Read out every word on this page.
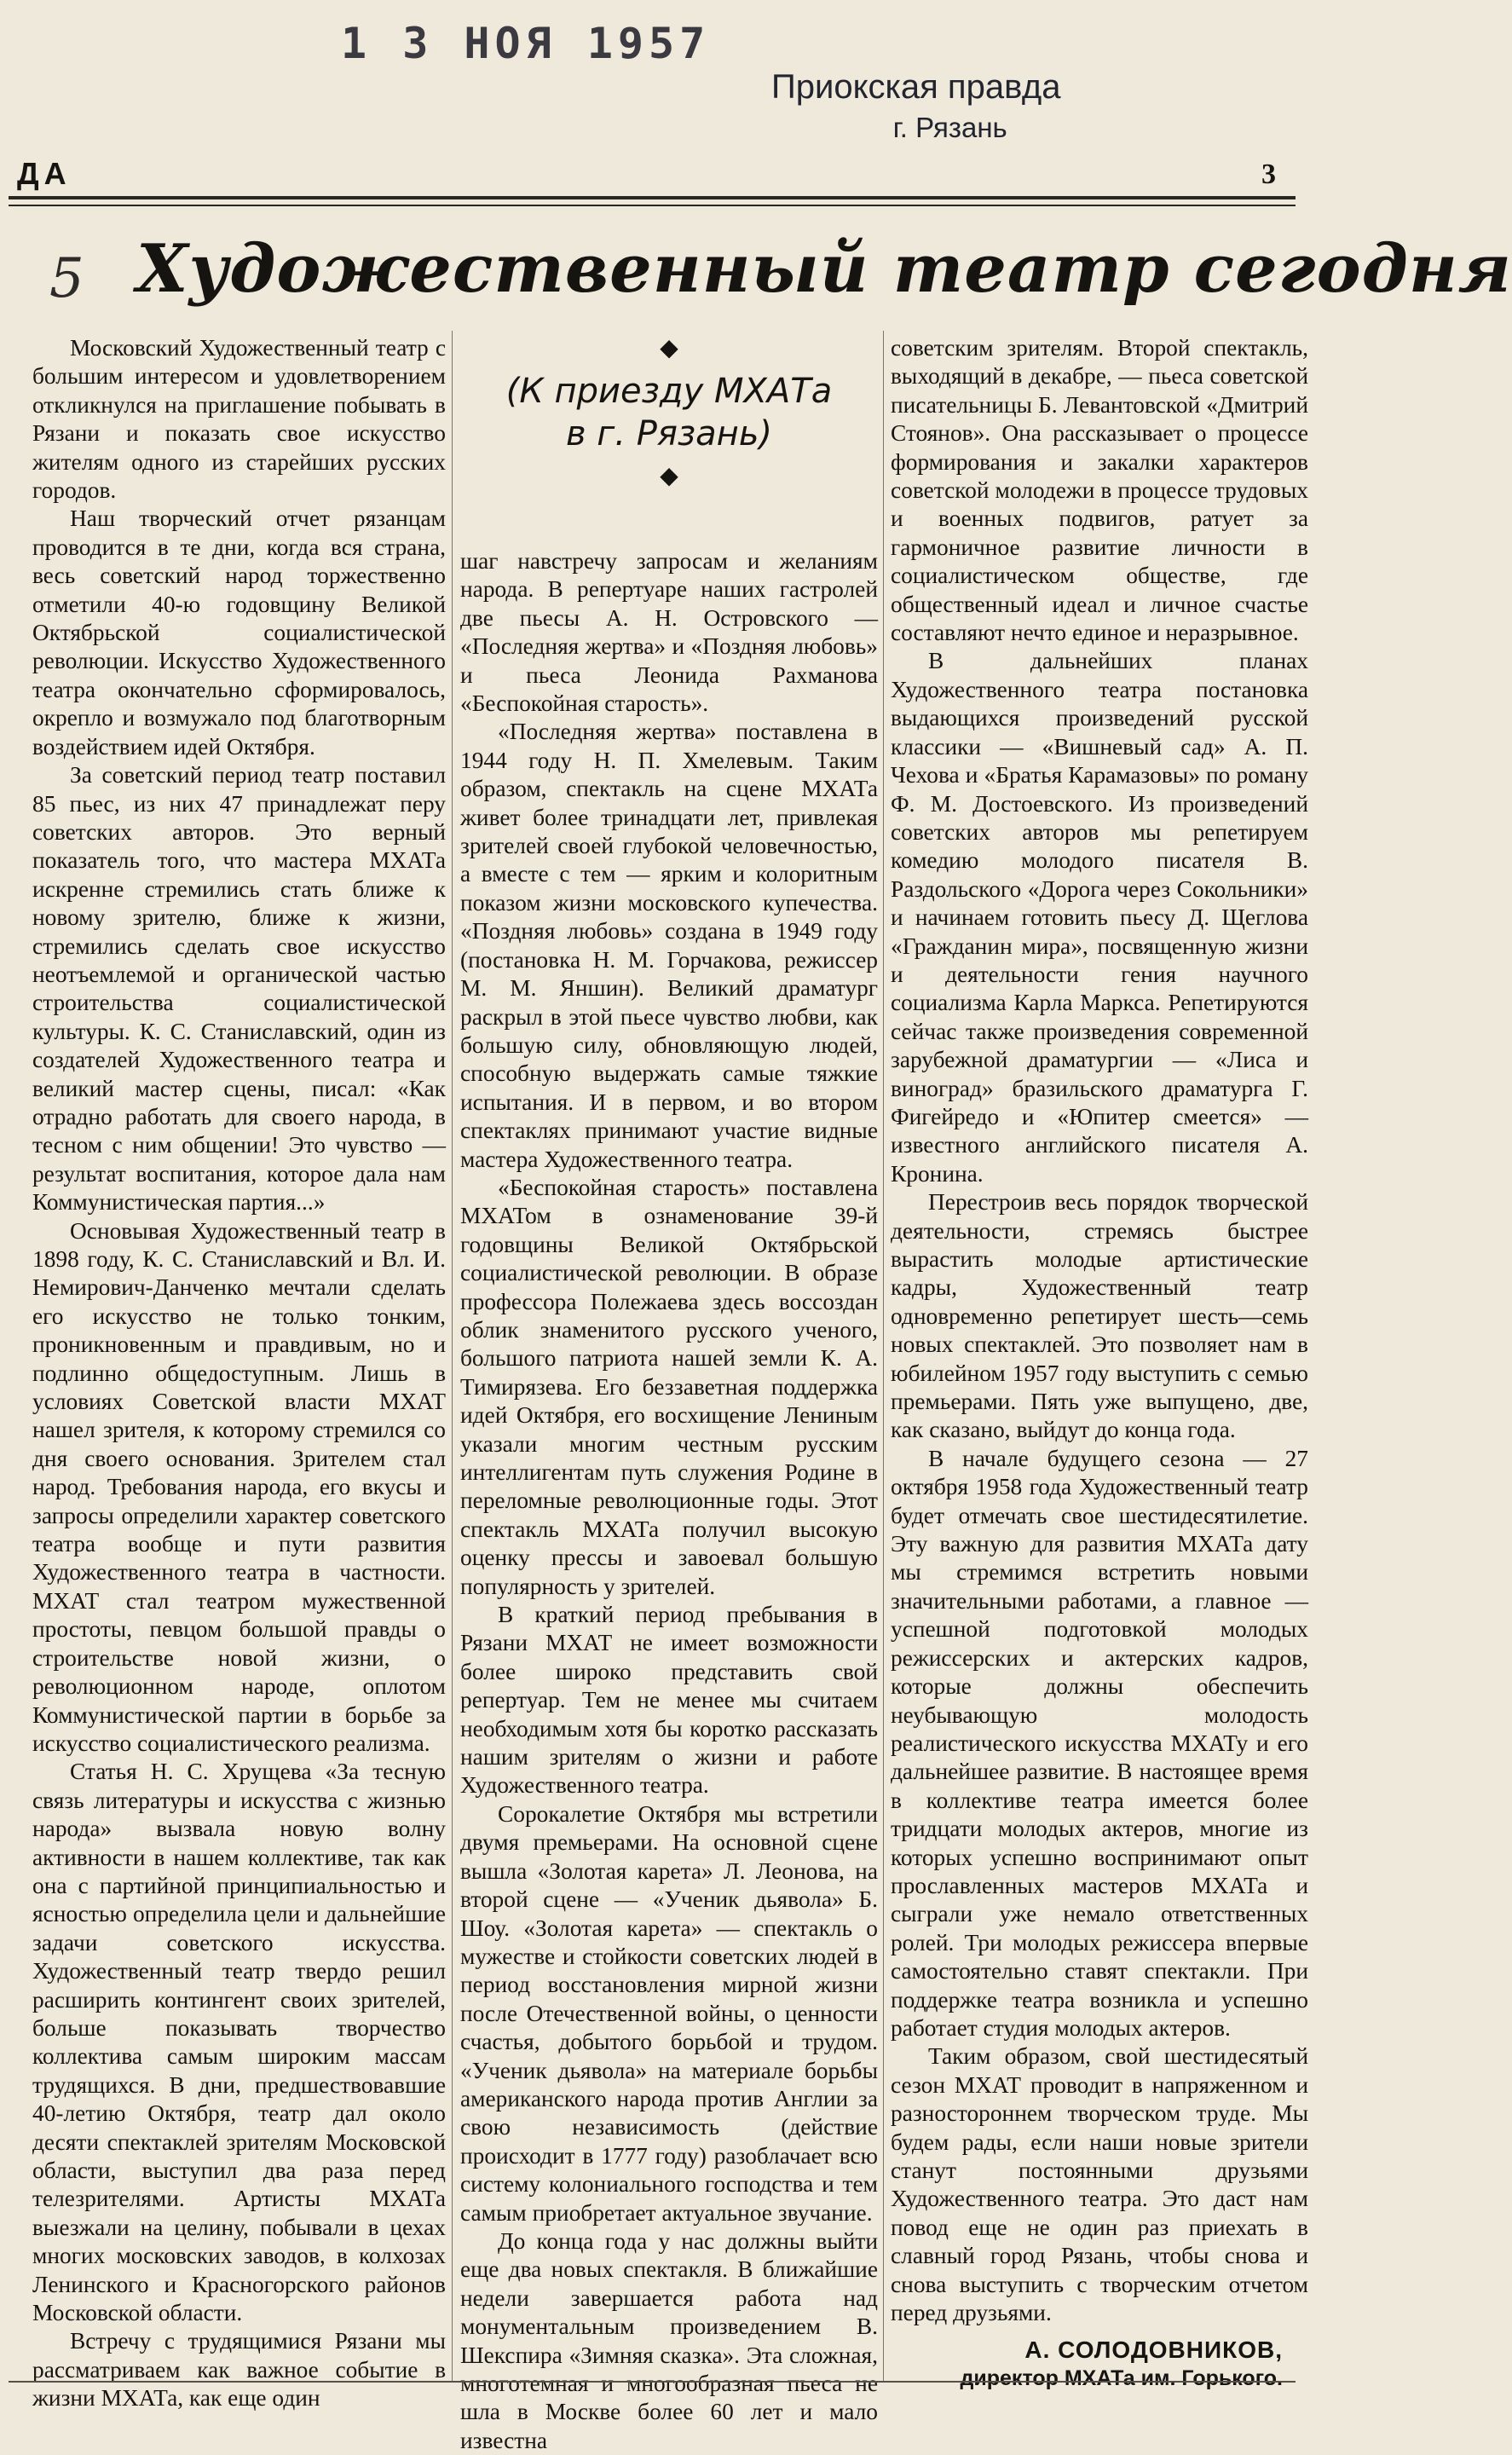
1 3 НОЯ 1957
Приокская правда
г. Рязань
ДА	3
5 Художественный театр сегодня

Московский Художественный театр с большим интересом и удовлетворением откликнулся на приглашение побывать в Рязани и показать свое искусство жителям одного из старейших русских городов.

Наш творческий отчет рязанцам проводится в те дни, когда вся страна, весь советский народ торжественно отметили 40-ю годовщину Великой Октябрьской социалистической революции. Искусство Художественного театра окончательно сформировалось, окрепло и возмужало под благотворным воздействием идей Октября.

За советский период театр поставил 85 пьес, из них 47 принадлежат перу советских авторов. Это верный показатель того, что мастера МХАТа искренне стремились стать ближе к новому зрителю, ближе к жизни, стремились сделать свое искусство неотъемлемой и органической частью строительства социалистической культуры. К. С. Станиславский, один из создателей Художественного театра и великий мастер сцены, писал: «Как отрадно работать для своего народа, в тесном с ним общении! Это чувство — результат воспитания, которое дала нам Коммунистическая партия...»

Основывая Художественный театр в 1898 году, К. С. Станиславский и Вл. И. Немирович-Данченко мечтали сделать его искусство не только тонким, проникновенным и правдивым, но и подлинно общедоступным. Лишь в условиях Советской власти МХАТ нашел зрителя, к которому стремился со дня своего основания. Зрителем стал народ. Требования народа, его вкусы и запросы определили характер советского театра вообще и пути развития Художественного театра в частности. МХАТ стал театром мужественной простоты, певцом большой правды о строительстве новой жизни, о революционном народе, оплотом Коммунистической партии в борьбе за искусство социалистического реализма.

Статья Н. С. Хрущева «За тесную связь литературы и искусства с жизнью народа» вызвала новую волну активности в нашем коллективе, так как она с партийной принципиальностью и ясностью определила цели и дальнейшие задачи советского искусства. Художественный театр твердо решил расширить контингент своих зрителей, больше показывать творчество коллектива самым широким массам трудящихся. В дни, предшествовавшие 40-летию Октября, театр дал около десяти спектаклей зрителям Московской области, выступил два раза перед телезрителями. Артисты МХАТа выезжали на целину, побывали в цехах многих московских заводов, в колхозах Ленинского и Красногорского районов Московской области.

Встречу с трудящимися Рязани мы рассматриваем как важное событие в жизни МХАТа, как еще один

◆
(К приезду МХАТа
в г. Рязань)
◆

шаг навстречу запросам и желаниям народа. В репертуаре наших гастролей две пьесы А. Н. Островского — «Последняя жертва» и «Поздняя любовь» и пьеса Леонида Рахманова «Беспокойная старость».

«Последняя жертва» поставлена в 1944 году Н. П. Хмелевым. Таким образом, спектакль на сцене МХАТа живет более тринадцати лет, привлекая зрителей своей глубокой человечностью, а вместе с тем — ярким и колоритным показом жизни московского купечества. «Поздняя любовь» создана в 1949 году (постановка Н. М. Горчакова, режиссер М. М. Яншин). Великий драматург раскрыл в этой пьесе чувство любви, как большую силу, обновляющую людей, способную выдержать самые тяжкие испытания. И в первом, и во втором спектаклях принимают участие видные мастера Художественного театра.

«Беспокойная старость» поставлена МХАТом в ознаменование 39-й годовщины Великой Октябрьской социалистической революции. В образе профессора Полежаева здесь воссоздан облик знаменитого русского ученого, большого патриота нашей земли К. А. Тимирязева. Его беззаветная поддержка идей Октября, его восхищение Лениным указали многим честным русским интеллигентам путь служения Родине в переломные революционные годы. Этот спектакль МХАТа получил высокую оценку прессы и завоевал большую популярность у зрителей.

В краткий период пребывания в Рязани МХАТ не имеет возможности более широко представить свой репертуар. Тем не менее мы считаем необходимым хотя бы коротко рассказать нашим зрителям о жизни и работе Художественного театра.

Сорокалетие Октября мы встретили двумя премьерами. На основной сцене вышла «Золотая карета» Л. Леонова, на второй сцене — «Ученик дьявола» Б. Шоу. «Золотая карета» — спектакль о мужестве и стойкости советских людей в период восстановления мирной жизни после Отечественной войны, о ценности счастья, добытого борьбой и трудом. «Ученик дьявола» на материале борьбы американского народа против Англии за свою независимость (действие происходит в 1777 году) разоблачает всю систему колониального господства и тем самым приобретает актуальное звучание.

До конца года у нас должны выйти еще два новых спектакля. В ближайшие недели завершается работа над монументальным произведением В. Шекспира «Зимняя сказка». Эта сложная, многотемная и многообразная пьеса не шла в Москве более 60 лет и мало известна

советским зрителям. Второй спектакль, выходящий в декабре, — пьеса советской писательницы Б. Левантовской «Дмитрий Стоянов». Она рассказывает о процессе формирования и закалки характеров советской молодежи в процессе трудовых и военных подвигов, ратует за гармоничное развитие личности в социалистическом обществе, где общественный идеал и личное счастье составляют нечто единое и неразрывное.

В дальнейших планах Художественного театра постановка выдающихся произведений русской классики — «Вишневый сад» А. П. Чехова и «Братья Карамазовы» по роману Ф. М. Достоевского. Из произведений советских авторов мы репетируем комедию молодого писателя В. Раздольского «Дорога через Сокольники» и начинаем готовить пьесу Д. Щеглова «Гражданин мира», посвященную жизни и деятельности гения научного социализма Карла Маркса. Репетируются сейчас также произведения современной зарубежной драматургии — «Лиса и виноград» бразильского драматурга Г. Фигейредо и «Юпитер смеется» — известного английского писателя А. Кронина.

Перестроив весь порядок творческой деятельности, стремясь быстрее вырастить молодые артистические кадры, Художественный театр одновременно репетирует шесть—семь новых спектаклей. Это позволяет нам в юбилейном 1957 году выступить с семью премьерами. Пять уже выпущено, две, как сказано, выйдут до конца года.

В начале будущего сезона — 27 октября 1958 года Художественный театр будет отмечать свое шестидесятилетие. Эту важную для развития МХАТа дату мы стремимся встретить новыми значительными работами, а главное — успешной подготовкой молодых режиссерских и актерских кадров, которые должны обеспечить неубывающую молодость реалистического искусства МХАТу и его дальнейшее развитие. В настоящее время в коллективе театра имеется более тридцати молодых актеров, многие из которых успешно воспринимают опыт прославленных мастеров МХАТа и сыграли уже немало ответственных ролей. Три молодых режиссера впервые самостоятельно ставят спектакли. При поддержке театра возникла и успешно работает студия молодых актеров.

Таким образом, свой шестидесятый сезон МХАТ проводит в напряженном и разностороннем творческом труде. Мы будем рады, если наши новые зрители станут постоянными друзьями Художественного театра. Это даст нам повод еще не один раз приехать в славный город Рязань, чтобы снова и снова выступить с творческим отчетом перед друзьями.

А. СОЛОДОВНИКОВ,
директор МХАТа им. Горького.
